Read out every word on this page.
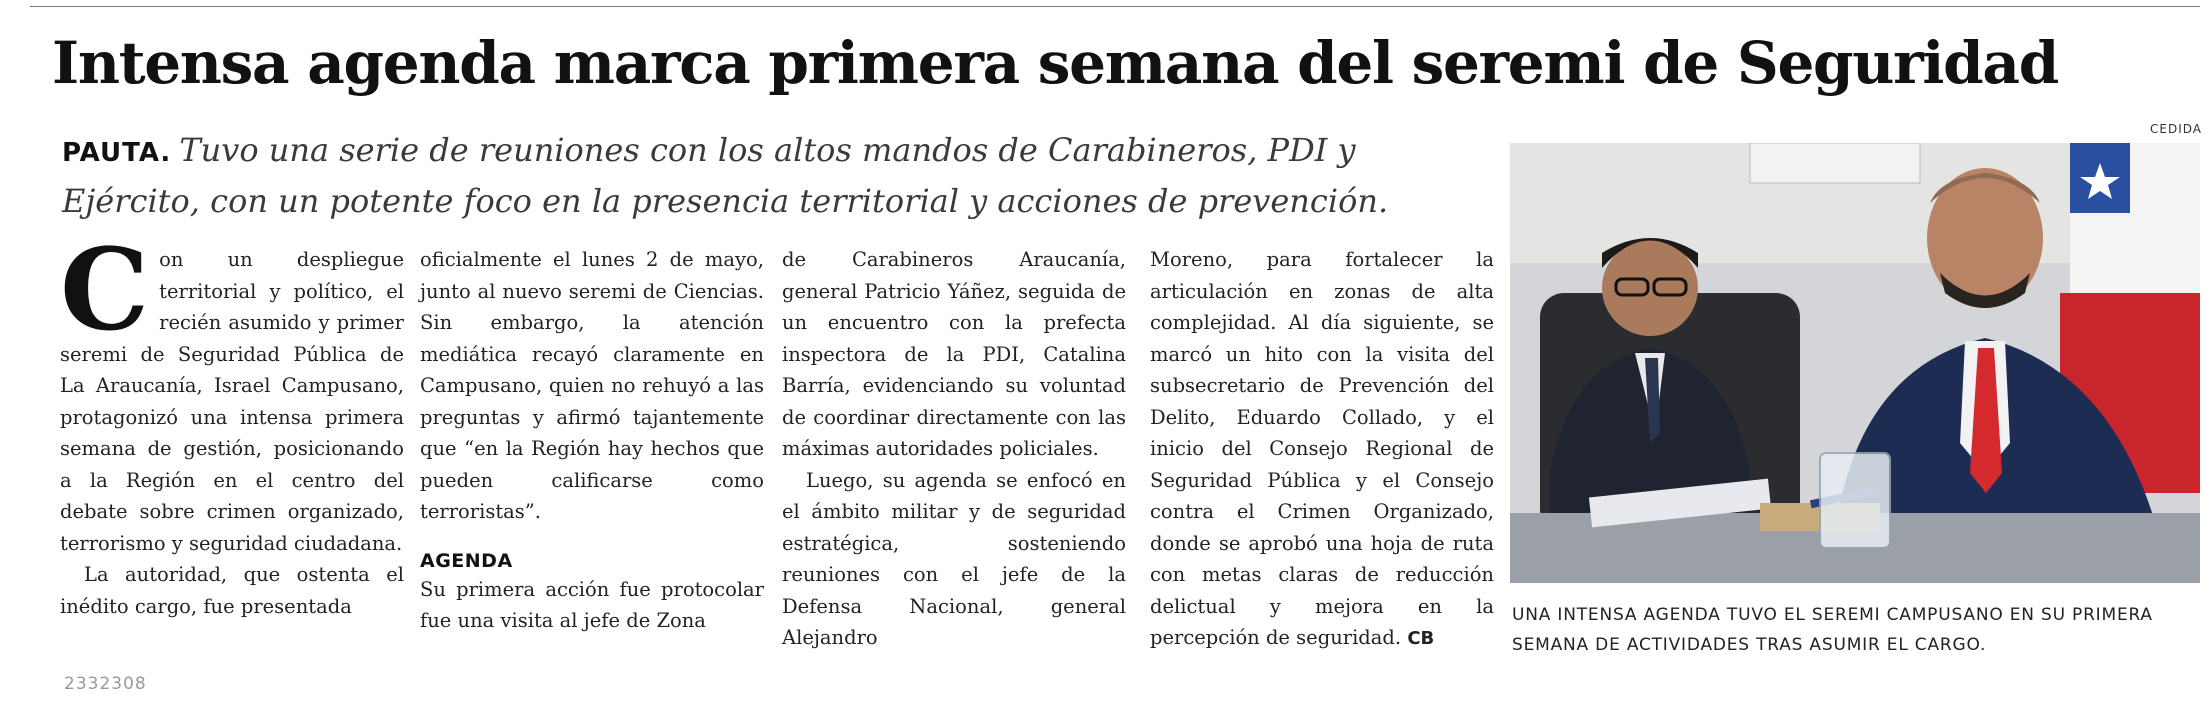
Intensa agenda marca primera semana del seremi de Seguridad
PAUTA. Tuvo una serie de reuniones con los altos mandos de Carabineros, PDI y Ejército, con un potente foco en la presencia territorial y acciones de prevención.

Con un despliegue territorial y político, el recién asumido y primer seremi de Seguridad Pública de La Araucanía, Israel Campusano, protagonizó una intensa primera semana de gestión, posicionando a la Región en el centro del debate sobre crimen organizado, terrorismo y seguridad ciudadana.

La autoridad, que ostenta el inédito cargo, fue presentada

oficialmente el lunes 2 de mayo, junto al nuevo seremi de Ciencias. Sin embargo, la atención mediática recayó claramente en Campusano, quien no rehuyó a las preguntas y afirmó tajantemente que “en la Región hay hechos que pueden calificarse como terroristas”.

AGENDA

Su primera acción fue protocolar fue una visita al jefe de Zona

de Carabineros Araucanía, general Patricio Yáñez, seguida de un encuentro con la prefecta inspectora de la PDI, Catalina Barría, evidenciando su voluntad de coordinar directamente con las máximas autoridades policiales.

Luego, su agenda se enfocó en el ámbito militar y de seguridad estratégica, sosteniendo reuniones con el jefe de la Defensa Nacional, general Alejandro

Moreno, para fortalecer la articulación en zonas de alta complejidad. Al día siguiente, se marcó un hito con la visita del subsecretario de Prevención del Delito, Eduardo Collado, y el inicio del Consejo Regional de Seguridad Pública y el Consejo contra el Crimen Organizado, donde se aprobó una hoja de ruta con metas claras de reducción delictual y mejora en la percepción de seguridad. CB

CEDIDA
UNA INTENSA AGENDA TUVO EL SEREMI CAMPUSANO EN SU PRIMERA SEMANA DE ACTIVIDADES TRAS ASUMIR EL CARGO.
2332308
